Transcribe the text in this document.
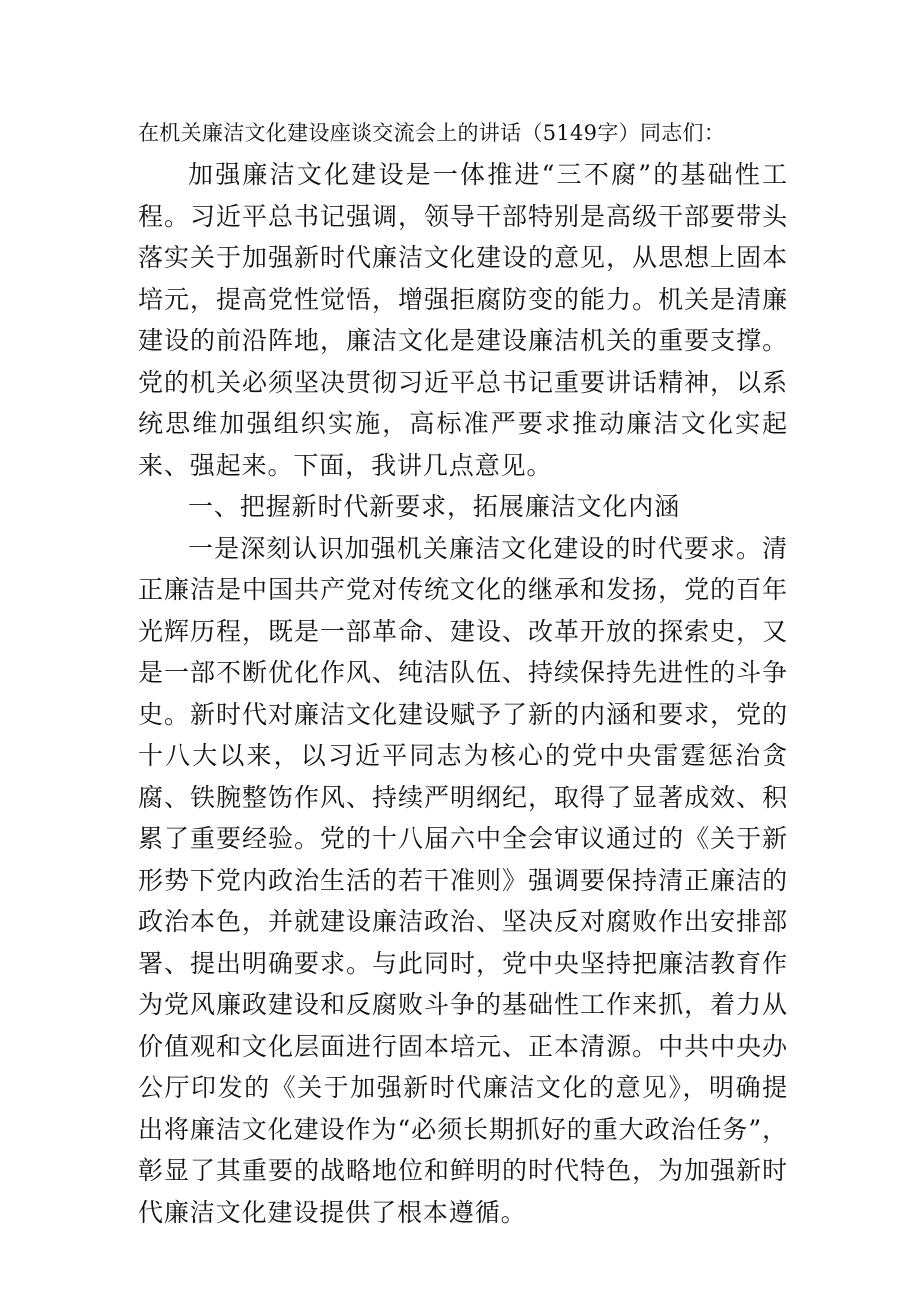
在机关廉洁文化建设座谈交流会上的讲话（5149字）同志们：

加强廉洁文化建设是一体推进“三不腐”的基础性工程。习近平总书记强调，领导干部特别是高级干部要带头落实关于加强新时代廉洁文化建设的意见，从思想上固本培元，提高党性觉悟，增强拒腐防变的能力。机关是清廉建设的前沿阵地，廉洁文化是建设廉洁机关的重要支撑。党的机关必须坚决贯彻习近平总书记重要讲话精神，以系统思维加强组织实施，高标准严要求推动廉洁文化实起来、强起来。下面，我讲几点意见。

一、把握新时代新要求，拓展廉洁文化内涵

一是深刻认识加强机关廉洁文化建设的时代要求。清正廉洁是中国共产党对传统文化的继承和发扬，党的百年光辉历程，既是一部革命、建设、改革开放的探索史，又是一部不断优化作风、纯洁队伍、持续保持先进性的斗争史。新时代对廉洁文化建设赋予了新的内涵和要求，党的十八大以来，以习近平同志为核心的党中央雷霆惩治贪腐、铁腕整饬作风、持续严明纲纪，取得了显著成效、积累了重要经验。党的十八届六中全会审议通过的《关于新形势下党内政治生活的若干准则》强调要保持清正廉洁的政治本色，并就建设廉洁政治、坚决反对腐败作出安排部署、提出明确要求。与此同时，党中央坚持把廉洁教育作为党风廉政建设和反腐败斗争的基础性工作来抓，着力从价值观和文化层面进行固本培元、正本清源。中共中央办公厅印发的《关于加强新时代廉洁文化的意见》，明确提出将廉洁文化建设作为“必须长期抓好的重大政治任务”，彰显了其重要的战略地位和鲜明的时代特色，为加强新时代廉洁文化建设提供了根本遵循。
